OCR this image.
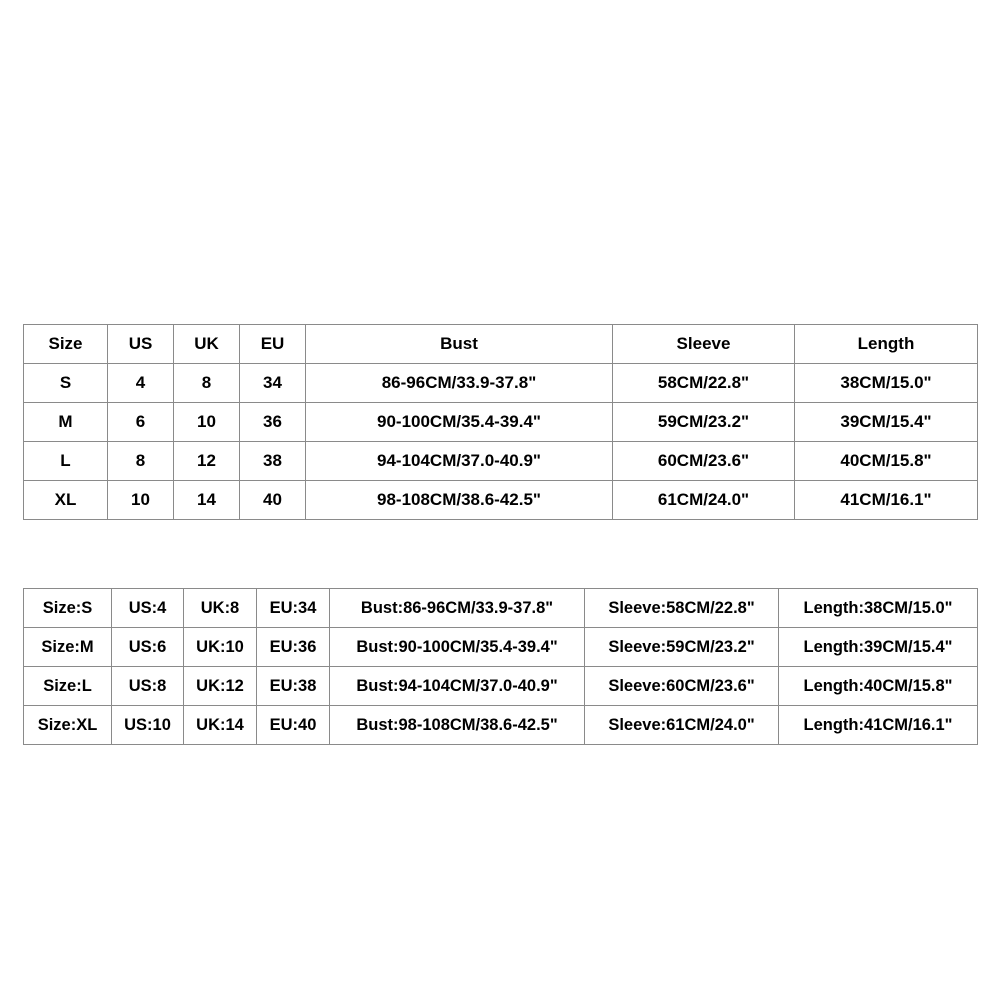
Size	US	UK	EU	Bust	Sleeve	Length
S	4	8	34	86-96CM/33.9-37.8"	58CM/22.8"	38CM/15.0"
M	6	10	36	90-100CM/35.4-39.4"	59CM/23.2"	39CM/15.4"
L	8	12	38	94-104CM/37.0-40.9"	60CM/23.6"	40CM/15.8"
XL	10	14	40	98-108CM/38.6-42.5"	61CM/24.0"	41CM/16.1"
Size:S	US:4	UK:8	EU:34	Bust:86-96CM/33.9-37.8"	Sleeve:58CM/22.8"	Length:38CM/15.0"
Size:M	US:6	UK:10	EU:36	Bust:90-100CM/35.4-39.4"	Sleeve:59CM/23.2"	Length:39CM/15.4"
Size:L	US:8	UK:12	EU:38	Bust:94-104CM/37.0-40.9"	Sleeve:60CM/23.6"	Length:40CM/15.8"
Size:XL	US:10	UK:14	EU:40	Bust:98-108CM/38.6-42.5"	Sleeve:61CM/24.0"	Length:41CM/16.1"
